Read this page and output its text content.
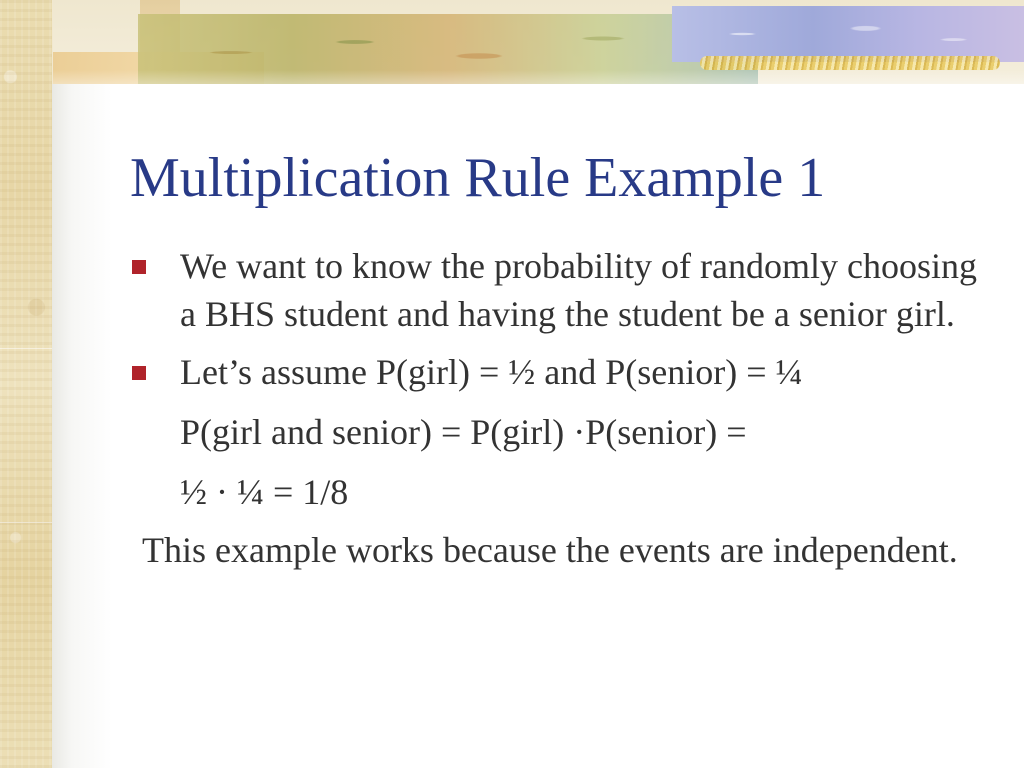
Multiplication Rule Example 1
We want to know the probability of randomly choosing a BHS student and having the student be a senior girl.
Let’s assume P(girl) = ½ and P(senior) = ¼
P(girl and senior) = P(girl) ·P(senior) =
½ · ¼ = 1/8
This example works because the events are independent.
